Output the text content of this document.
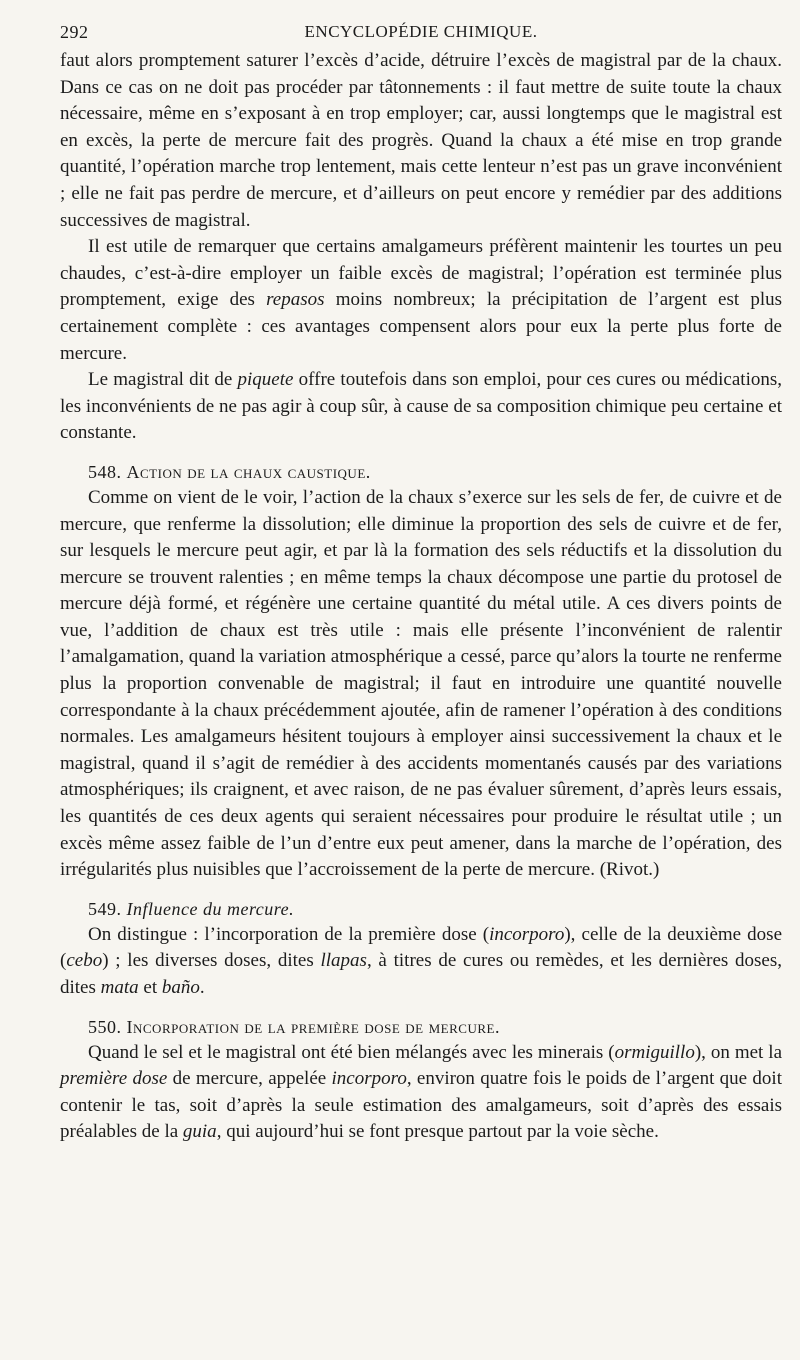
292	ENCYCLOPÉDIE CHIMIQUE.

faut alors promptement saturer l’excès d’acide, détruire l’excès de magistral par de la chaux. Dans ce cas on ne doit pas procéder par tâtonnements : il faut mettre de suite toute la chaux nécessaire, même en s’exposant à en trop employer; car, aussi longtemps que le magistral est en excès, la perte de mercure fait des progrès. Quand la chaux a été mise en trop grande quantité, l’opération marche trop lentement, mais cette lenteur n’est pas un grave inconvénient ; elle ne fait pas perdre de mercure, et d’ailleurs on peut encore y remédier par des additions successives de magistral.

Il est utile de remarquer que certains amalgameurs préfèrent maintenir les tourtes un peu chaudes, c’est-à-dire employer un faible excès de magistral; l’opération est terminée plus promptement, exige des repasos moins nombreux; la précipitation de l’argent est plus certainement complète : ces avantages compensent alors pour eux la perte plus forte de mercure.

Le magistral dit de piquete offre toutefois dans son emploi, pour ces cures ou médications, les inconvénients de ne pas agir à coup sûr, à cause de sa composition chimique peu certaine et constante.

548. Action de la chaux caustique.

Comme on vient de le voir, l’action de la chaux s’exerce sur les sels de fer, de cuivre et de mercure, que renferme la dissolution; elle diminue la proportion des sels de cuivre et de fer, sur lesquels le mercure peut agir, et par là la formation des sels réductifs et la dissolution du mercure se trouvent ralenties ; en même temps la chaux décompose une partie du protosel de mercure déjà formé, et régénère une certaine quantité du métal utile. A ces divers points de vue, l’addition de chaux est très utile : mais elle présente l’inconvénient de ralentir l’amalgamation, quand la variation atmosphérique a cessé, parce qu’alors la tourte ne renferme plus la proportion convenable de magistral; il faut en introduire une quantité nouvelle correspondante à la chaux précédemment ajoutée, afin de ramener l’opération à des conditions normales. Les amalgameurs hésitent toujours à employer ainsi successivement la chaux et le magistral, quand il s’agit de remédier à des accidents momentanés causés par des variations atmosphériques; ils craignent, et avec raison, de ne pas évaluer sûrement, d’après leurs essais, les quantités de ces deux agents qui seraient nécessaires pour produire le résultat utile ; un excès même assez faible de l’un d’entre eux peut amener, dans la marche de l’opération, des irrégularités plus nuisibles que l’accroissement de la perte de mercure. (Rivot.)

549. Influence du mercure.

On distingue : l’incorporation de la première dose (incorporo), celle de la deuxième dose (cebo) ; les diverses doses, dites llapas, à titres de cures ou remèdes, et les dernières doses, dites mata et baño.

550. Incorporation de la première dose de mercure.

Quand le sel et le magistral ont été bien mélangés avec les minerais (ormiguillo), on met la première dose de mercure, appelée incorporo, environ quatre fois le poids de l’argent que doit contenir le tas, soit d’après la seule estimation des amalgameurs, soit d’après des essais préalables de la guia, qui aujourd’hui se font presque partout par la voie sèche.
